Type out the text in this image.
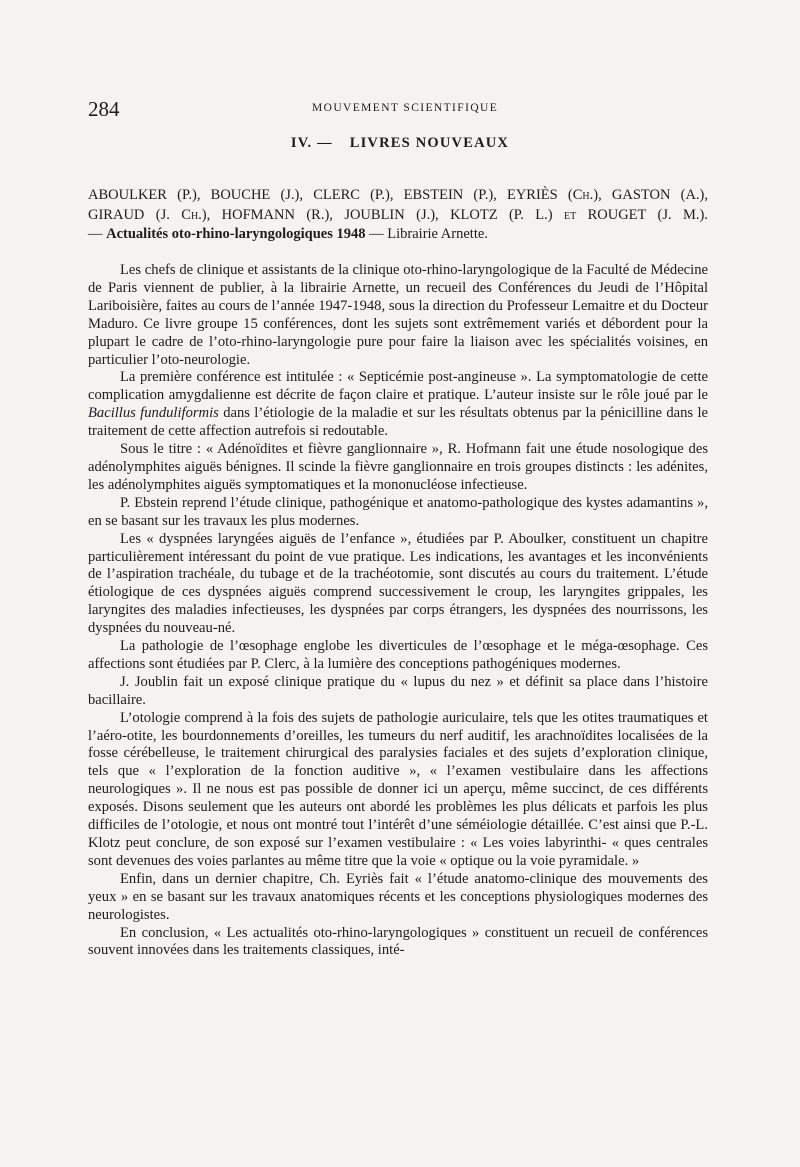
284	MOUVEMENT SCIENTIFIQUE
IV. — LIVRES NOUVEAUX
ABOULKER (P.), BOUCHE (J.), CLERC (P.), EBSTEIN (P.), EYRIÈS (Ch.), GASTON (A.),
GIRAUD (J. Ch.), HOFMANN (R.), JOUBLIN (J.), KLOTZ (P. L.) et ROUGET (J. M.).
— Actualités oto-rhino-laryngologiques 1948 — Librairie Arnette.

Les chefs de clinique et assistants de la clinique oto-rhino-laryngologique de la Faculté de Médecine de Paris viennent de publier, à la librairie Arnette, un recueil des Conférences du Jeudi de l’Hôpital Lariboisière, faites au cours de l’année 1947-1948, sous la direction du Professeur Lemaitre et du Docteur Maduro. Ce livre groupe 15 conférences, dont les sujets sont extrêmement variés et débordent pour la plupart le cadre de l’oto-rhino-laryngologie pure pour faire la liaison avec les spécialités voisines, en particulier l’oto-neurologie.

La première conférence est intitulée : « Septicémie post-angineuse ». La symptomatologie de cette complication amygdalienne est décrite de façon claire et pratique. L’auteur insiste sur le rôle joué par le Bacillus funduliformis dans l’étiologie de la maladie et sur les résultats obtenus par la pénicilline dans le traitement de cette affection autrefois si redoutable.

Sous le titre : « Adénoïdites et fièvre ganglionnaire », R. Hofmann fait une étude nosologique des adénolymphites aiguës bénignes. Il scinde la fièvre ganglionnaire en trois groupes distincts : les adénites, les adénolymphites aiguës symptomatiques et la mononucléose infectieuse.

P. Ebstein reprend l’étude clinique, pathogénique et anatomo-pathologique des kystes adamantins », en se basant sur les travaux les plus modernes.

Les « dyspnées laryngées aiguës de l’enfance », étudiées par P. Aboulker, constituent un chapitre particulièrement intéressant du point de vue pratique. Les indications, les avantages et les inconvénients de l’aspiration trachéale, du tubage et de la trachéotomie, sont discutés au cours du traitement. L’étude étiologique de ces dyspnées aiguës comprend successivement le croup, les laryngites grippales, les laryngites des maladies infectieuses, les dyspnées par corps étrangers, les dyspnées des nourrissons, les dyspnées du nouveau-né.

La pathologie de l’œsophage englobe les diverticules de l’œsophage et le méga-œsophage. Ces affections sont étudiées par P. Clerc, à la lumière des conceptions pathogéniques modernes.

J. Joublin fait un exposé clinique pratique du « lupus du nez » et définit sa place dans l’histoire bacillaire.

L’otologie comprend à la fois des sujets de pathologie auriculaire, tels que les otites traumatiques et l’aéro-otite, les bourdonnements d’oreilles, les tumeurs du nerf auditif, les arachnoïdites localisées de la fosse cérébelleuse, le traitement chirurgical des paralysies faciales et des sujets d’exploration clinique, tels que « l’exploration de la fonction auditive », « l’examen vestibulaire dans les affections neurologiques ». Il ne nous est pas possible de donner ici un aperçu, même succinct, de ces différents exposés. Disons seulement que les auteurs ont abordé les problèmes les plus délicats et parfois les plus difficiles de l’otologie, et nous ont montré tout l’intérêt d’une séméiologie détaillée. C’est ainsi que P.-L. Klotz peut conclure, de son exposé sur l’examen vestibulaire : « Les voies labyrinthi- « ques centrales sont devenues des voies parlantes au même titre que la voie « optique ou la voie pyramidale. »

Enfin, dans un dernier chapitre, Ch. Eyriès fait « l’étude anatomo-clinique des mouvements des yeux » en se basant sur les travaux anatomiques récents et les conceptions physiologiques modernes des neurologistes.

En conclusion, « Les actualités oto-rhino-laryngologiques » constituent un recueil de conférences souvent innovées dans les traitements classiques, inté-
